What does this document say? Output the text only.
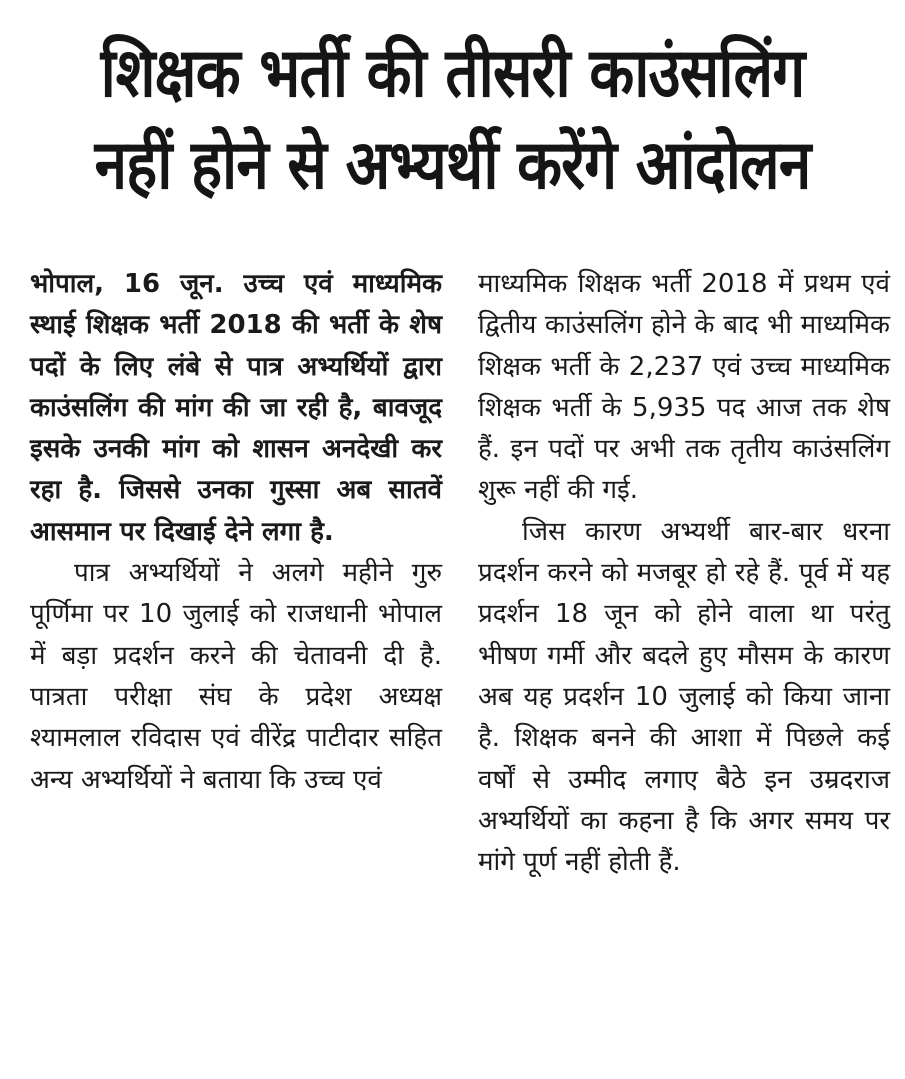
शिक्षक भर्ती की तीसरी काउंसलिंग
नहीं होने से अभ्यर्थी करेंगे आंदोलन

भोपाल, 16 जून. उच्च एवं माध्यमिक स्थाई शिक्षक भर्ती 2018 की भर्ती के शेष पदों के लिए लंबे से पात्र अभ्यर्थियों द्वारा काउंसलिंग की मांग की जा रही है, बावजूद इसके उनकी मांग को शासन अनदेखी कर रहा है. जिससे उनका गुस्सा अब सातवें आसमान पर दिखाई देने लगा है.

पात्र अभ्यर्थियों ने अलगे महीने गुरु पूर्णिमा पर 10 जुलाई को राजधानी भोपाल में बड़ा प्रदर्शन करने की चेतावनी दी है. पात्रता परीक्षा संघ के प्रदेश अध्यक्ष श्यामलाल रविदास एवं वीरेंद्र पाटीदार सहित अन्य अभ्यर्थियों ने बताया कि उच्च एवं

माध्यमिक शिक्षक भर्ती 2018 में प्रथम एवं द्वितीय काउंसलिंग होने के बाद भी माध्यमिक शिक्षक भर्ती के 2,237 एवं उच्च माध्यमिक शिक्षक भर्ती के 5,935 पद आज तक शेष हैं. इन पदों पर अभी तक तृतीय काउंसलिंग शुरू नहीं की गई.

जिस कारण अभ्यर्थी बार-बार धरना प्रदर्शन करने को मजबूर हो रहे हैं. पूर्व में यह प्रदर्शन 18 जून को होने वाला था परंतु भीषण गर्मी और बदले हुए मौसम के कारण अब यह प्रदर्शन 10 जुलाई को किया जाना है. शिक्षक बनने की आशा में पिछले कई वर्षों से उम्मीद लगाए बैठे इन उम्रदराज अभ्यर्थियों का कहना है कि अगर समय पर मांगे पूर्ण नहीं होती हैं.
